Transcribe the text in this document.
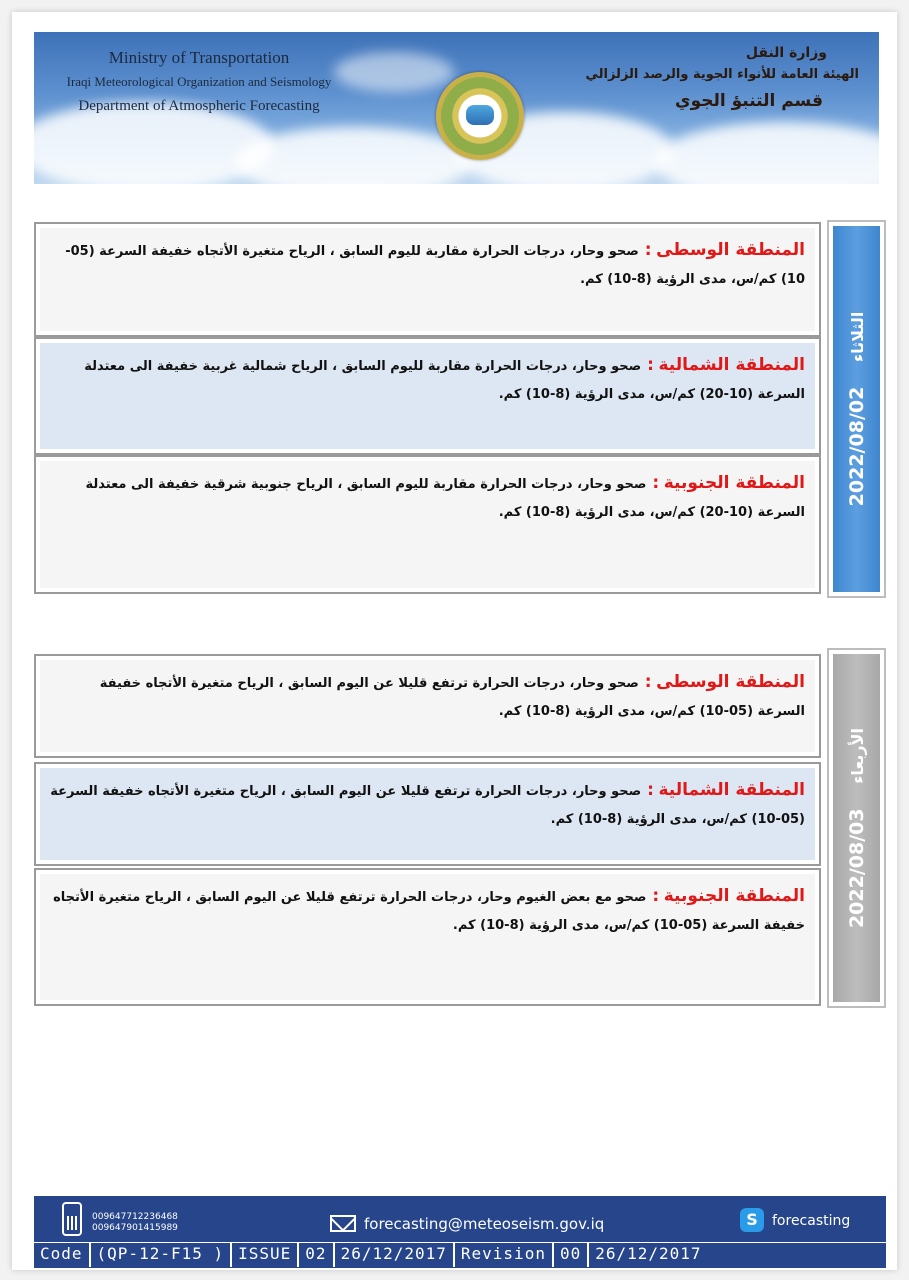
Ministry of Transportation
Iraqi Meteorological Organization and Seismology
Department of Atmospheric Forecasting
وزارة النقل
الهيئة العامة للأنواء الجوية والرصد الزلزالي
قسم التنبؤ الجوي
المنطقة الوسطى : صحو وحار، درجات الحرارة مقاربة لليوم السابق ، الرياح متغيرة الأتجاه خفيفة السرعة (05-10) كم/س، مدى الرؤية (8-10) كم.
المنطقة الشمالية : صحو وحار، درجات الحرارة مقاربة لليوم السابق ، الرياح شمالية غربية خفيفة الى معتدلة السرعة (10-20) كم/س، مدى الرؤية (8-10) كم.
المنطقة الجنوبية : صحو وحار، درجات الحرارة مقاربة لليوم السابق ، الرياح جنوبية شرقية خفيفة الى معتدلة السرعة (10-20) كم/س، مدى الرؤية (8-10) كم.
2022/08/02 الثلاثاء
المنطقة الوسطى : صحو وحار، درجات الحرارة ترتفع قليلا عن اليوم السابق ، الرياح متغيرة الأتجاه خفيفة السرعة (05-10) كم/س، مدى الرؤية (8-10) كم.
المنطقة الشمالية : صحو وحار، درجات الحرارة ترتفع قليلا عن اليوم السابق ، الرياح متغيرة الأتجاه خفيفة السرعة (05-10) كم/س، مدى الرؤية (8-10) كم.
المنطقة الجنوبية : صحو مع بعض الغيوم وحار، درجات الحرارة ترتفع قليلا عن اليوم السابق ، الرياح متغيرة الأتجاه خفيفة السرعة (05-10) كم/س، مدى الرؤية (8-10) كم. 2022/08/03 الأربعاء
009647712236468
009647901415989	forecasting@meteoseism.gov.iq	S	forecasting
Code (QP-12-F15 ) ISSUE 02 26/12/2017 Revision 00 26/12/2017
